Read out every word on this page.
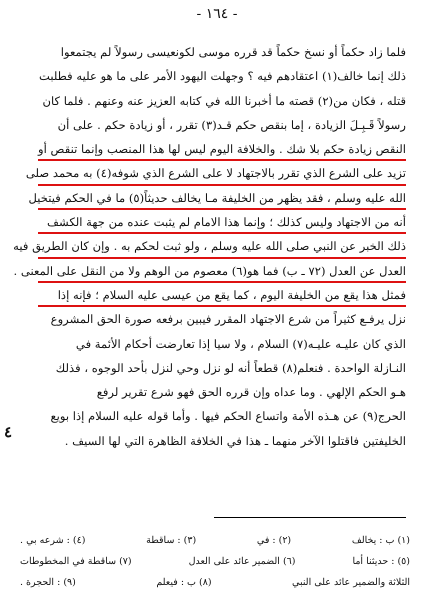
- ١٦٤ -
فلما زاد حكماً أو نسخ حكماً قد قرره موسى لكونعيسى رسولاً لم يجتمعوا
ذلك إنما خالف(١) اعتقادهم فيه ؟ وجهلت اليهود الأمر على ما هو عليه فطلبت
قتله ، فكان من(٢) قصته ما أخبرنا الله في كتابه العزيز عنه وعنهم . فلما كان
رسولاً قَـبِـلَ الزيادة ، إما بنقص حكم قـد(٣) تقرر ، أو زيادة حكم . على أن
النقص زيادة حكم بلا شك . والخلافة اليوم ليس لها هذا المنصب وإنما تنقص أو
تزيد على الشرع الذي تقرر بالاجتهاد لا على الشرع الذي شوفه(٤) به محمد صلى
الله عليه وسلم ، فقد يظهر من الخليفة مـا يخالف حديثاً(٥) ما في الحكم فيتخيل
أنه من الاجتهاد وليس كذلك ؛ وإنما هذا الامام لم يثبت عنده من جهة الكشف
ذلك الخبر عن النبي صلى الله عليه وسلم ، ولو ثبت لحكم به . وإن كان الطريق فيه
العدل عن العدل (٧٢ ـ ب) فما هو(٦) معصوم من الوهم ولا من النقل على المعنى .
فمثل هذا يقع من الخليفة اليوم ، كما يقع من عيسى عليه السلام ؛ فإنه إذا
نزل يرفـع كثيراً من شرع الاجتهاد المقرر فيبين برفعه صورة الحق المشروع
الذي كان عليـه عليـه(٧) السلام ، ولا سيا إذا تعارضت أحكام الأئمة في
النـازلة الواحدة . فنعلم(٨) قطعاً أنه لو نزل وحي لنزل بأحد الوجوه ، فذلك
هـو الحكم الإلهي . وما عداه وإن قرره الحق فهو شرع تقرير لرفع
الحرج(٩) عن هـذه الأمة واتساع الحكم فيها . وأما قوله عليه السلام إذا بويع
الخليفتين فاقتلوا الآخر منهما ـ هذا في الخلافة الظاهرة التي لها السيف .
٤
(١) ب : يخالف
(٢) : في
(٣) : ساقطة
(٤) : شرعه بي .
(٥) : حديثنا أما
(٦) الضمير عائد على العدل
(٧) ساقطة في المخطوطات
الثلاثة والضمير عائد على النبي
(٨) ب : فيعلم
(٩) : الحجرة .
